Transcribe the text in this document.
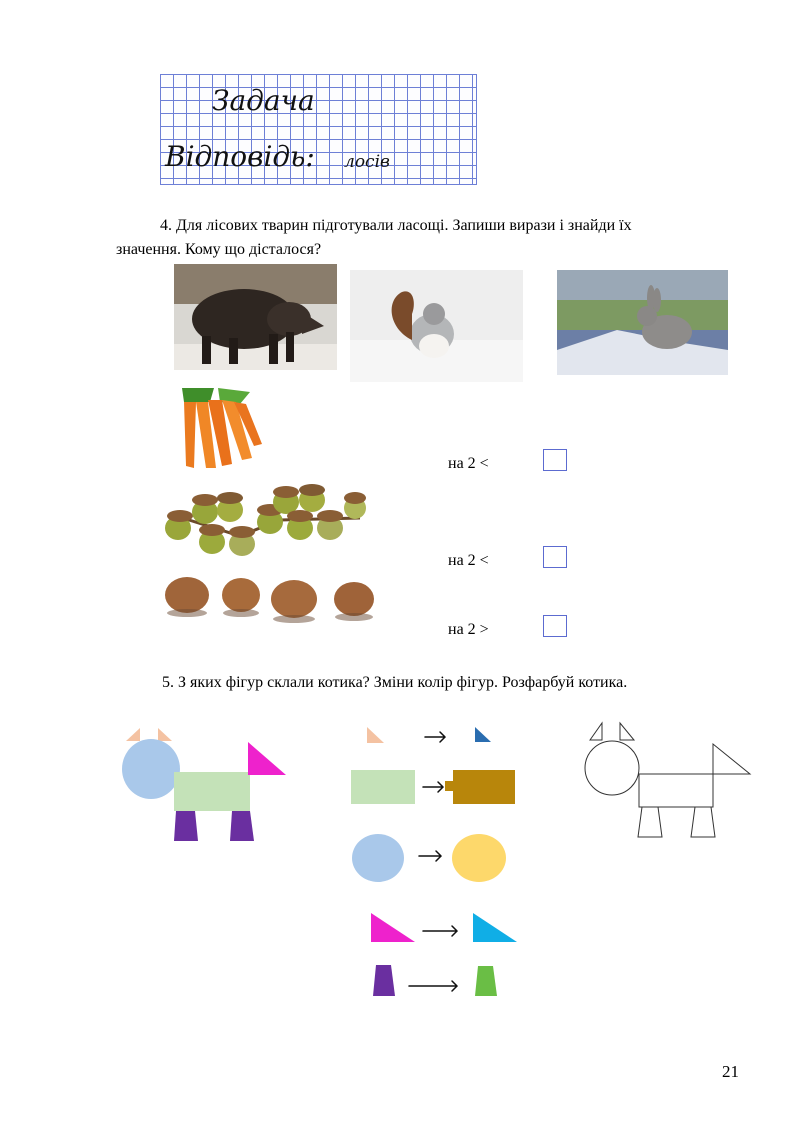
Задача
Відповідь: лосів
4. Для лісових тварин підготували ласощі. Запиши вирази і знайди їх
значення. Кому що дісталося?
на 2 <
на 2 <
на 2 >
5. З яких фігур склали котика? Зміни колір фігур. Розфарбуй котика.
21
